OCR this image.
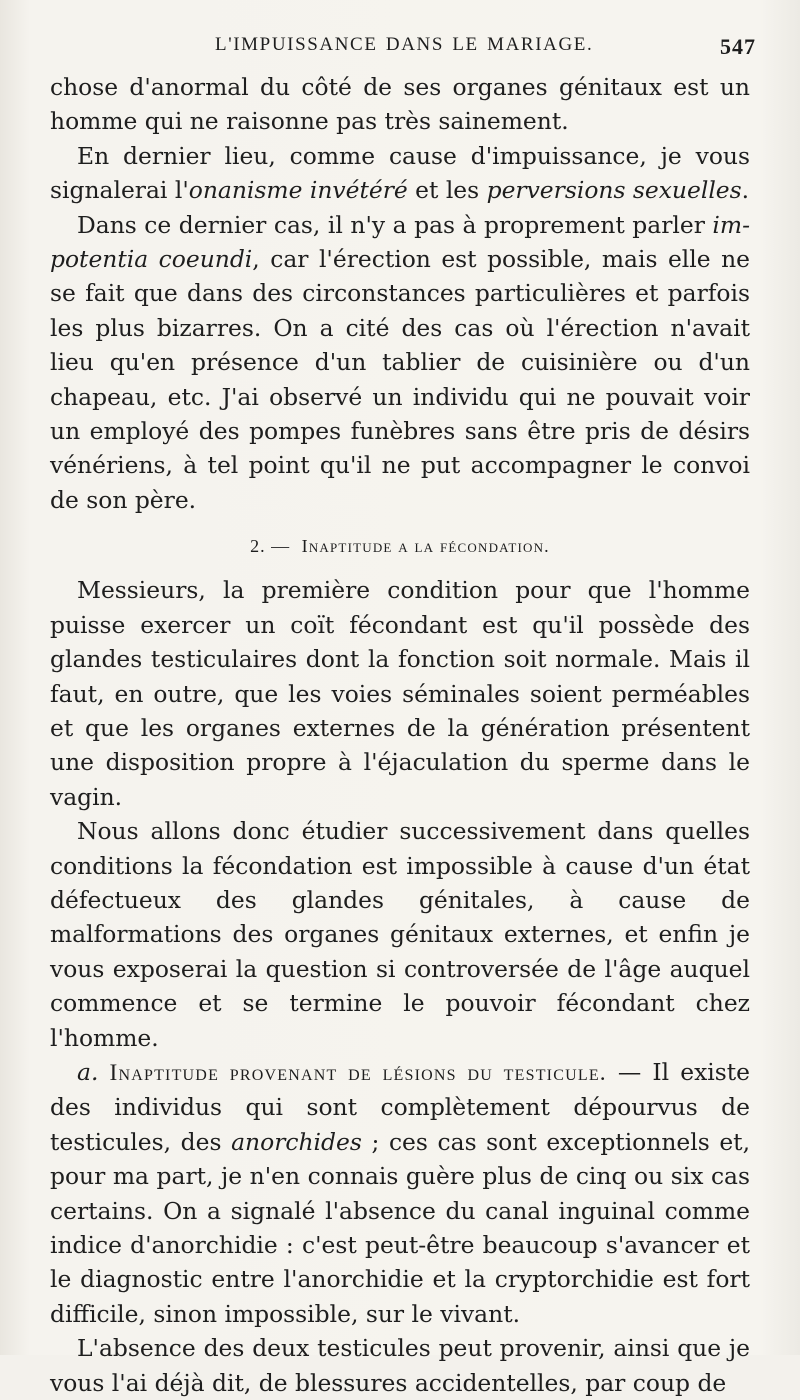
L'IMPUISSANCE DANS LE MARIAGE.	547

chose d'anormal du côté de ses organes génitaux est un homme qui ne raisonne pas très sainement.

En dernier lieu, comme cause d'impuissance, je vous signalerai l'onanisme invétéré et les perversions sexuelles.

Dans ce dernier cas, il n'y a pas à proprement parler impotentia coeundi, car l'érection est possible, mais elle ne se fait que dans des circonstances particulières et parfois les plus bizarres. On a cité des cas où l'érection n'avait lieu qu'en présence d'un tablier de cuisinière ou d'un chapeau, etc. J'ai observé un individu qui ne pouvait voir un employé des pompes funèbres sans être pris de désirs vénériens, à tel point qu'il ne put accompagner le convoi de son père.

2. — Inaptitude a la fécondation.

Messieurs, la première condition pour que l'homme puisse exercer un coït fécondant est qu'il possède des glandes testiculaires dont la fonction soit normale. Mais il faut, en outre, que les voies séminales soient perméables et que les organes externes de la génération présentent une disposition propre à l'éjaculation du sperme dans le vagin.

Nous allons donc étudier successivement dans quelles conditions la fécondation est impossible à cause d'un état défectueux des glandes génitales, à cause de malformations des organes génitaux externes, et enfin je vous exposerai la question si controversée de l'âge auquel commence et se termine le pouvoir fécondant chez l'homme.

a. Inaptitude provenant de lésions du testicule. — Il existe des individus qui sont complètement dépourvus de testicules, des anorchides ; ces cas sont exceptionnels et, pour ma part, je n'en connais guère plus de cinq ou six cas certains. On a signalé l'absence du canal inguinal comme indice d'anorchidie : c'est peut-être beaucoup s'avancer et le diagnostic entre l'anorchidie et la cryptorchidie est fort difficile, sinon impossible, sur le vivant.

L'absence des deux testicules peut provenir, ainsi que je vous l'ai déjà dit, de blessures accidentelles, par coup de
